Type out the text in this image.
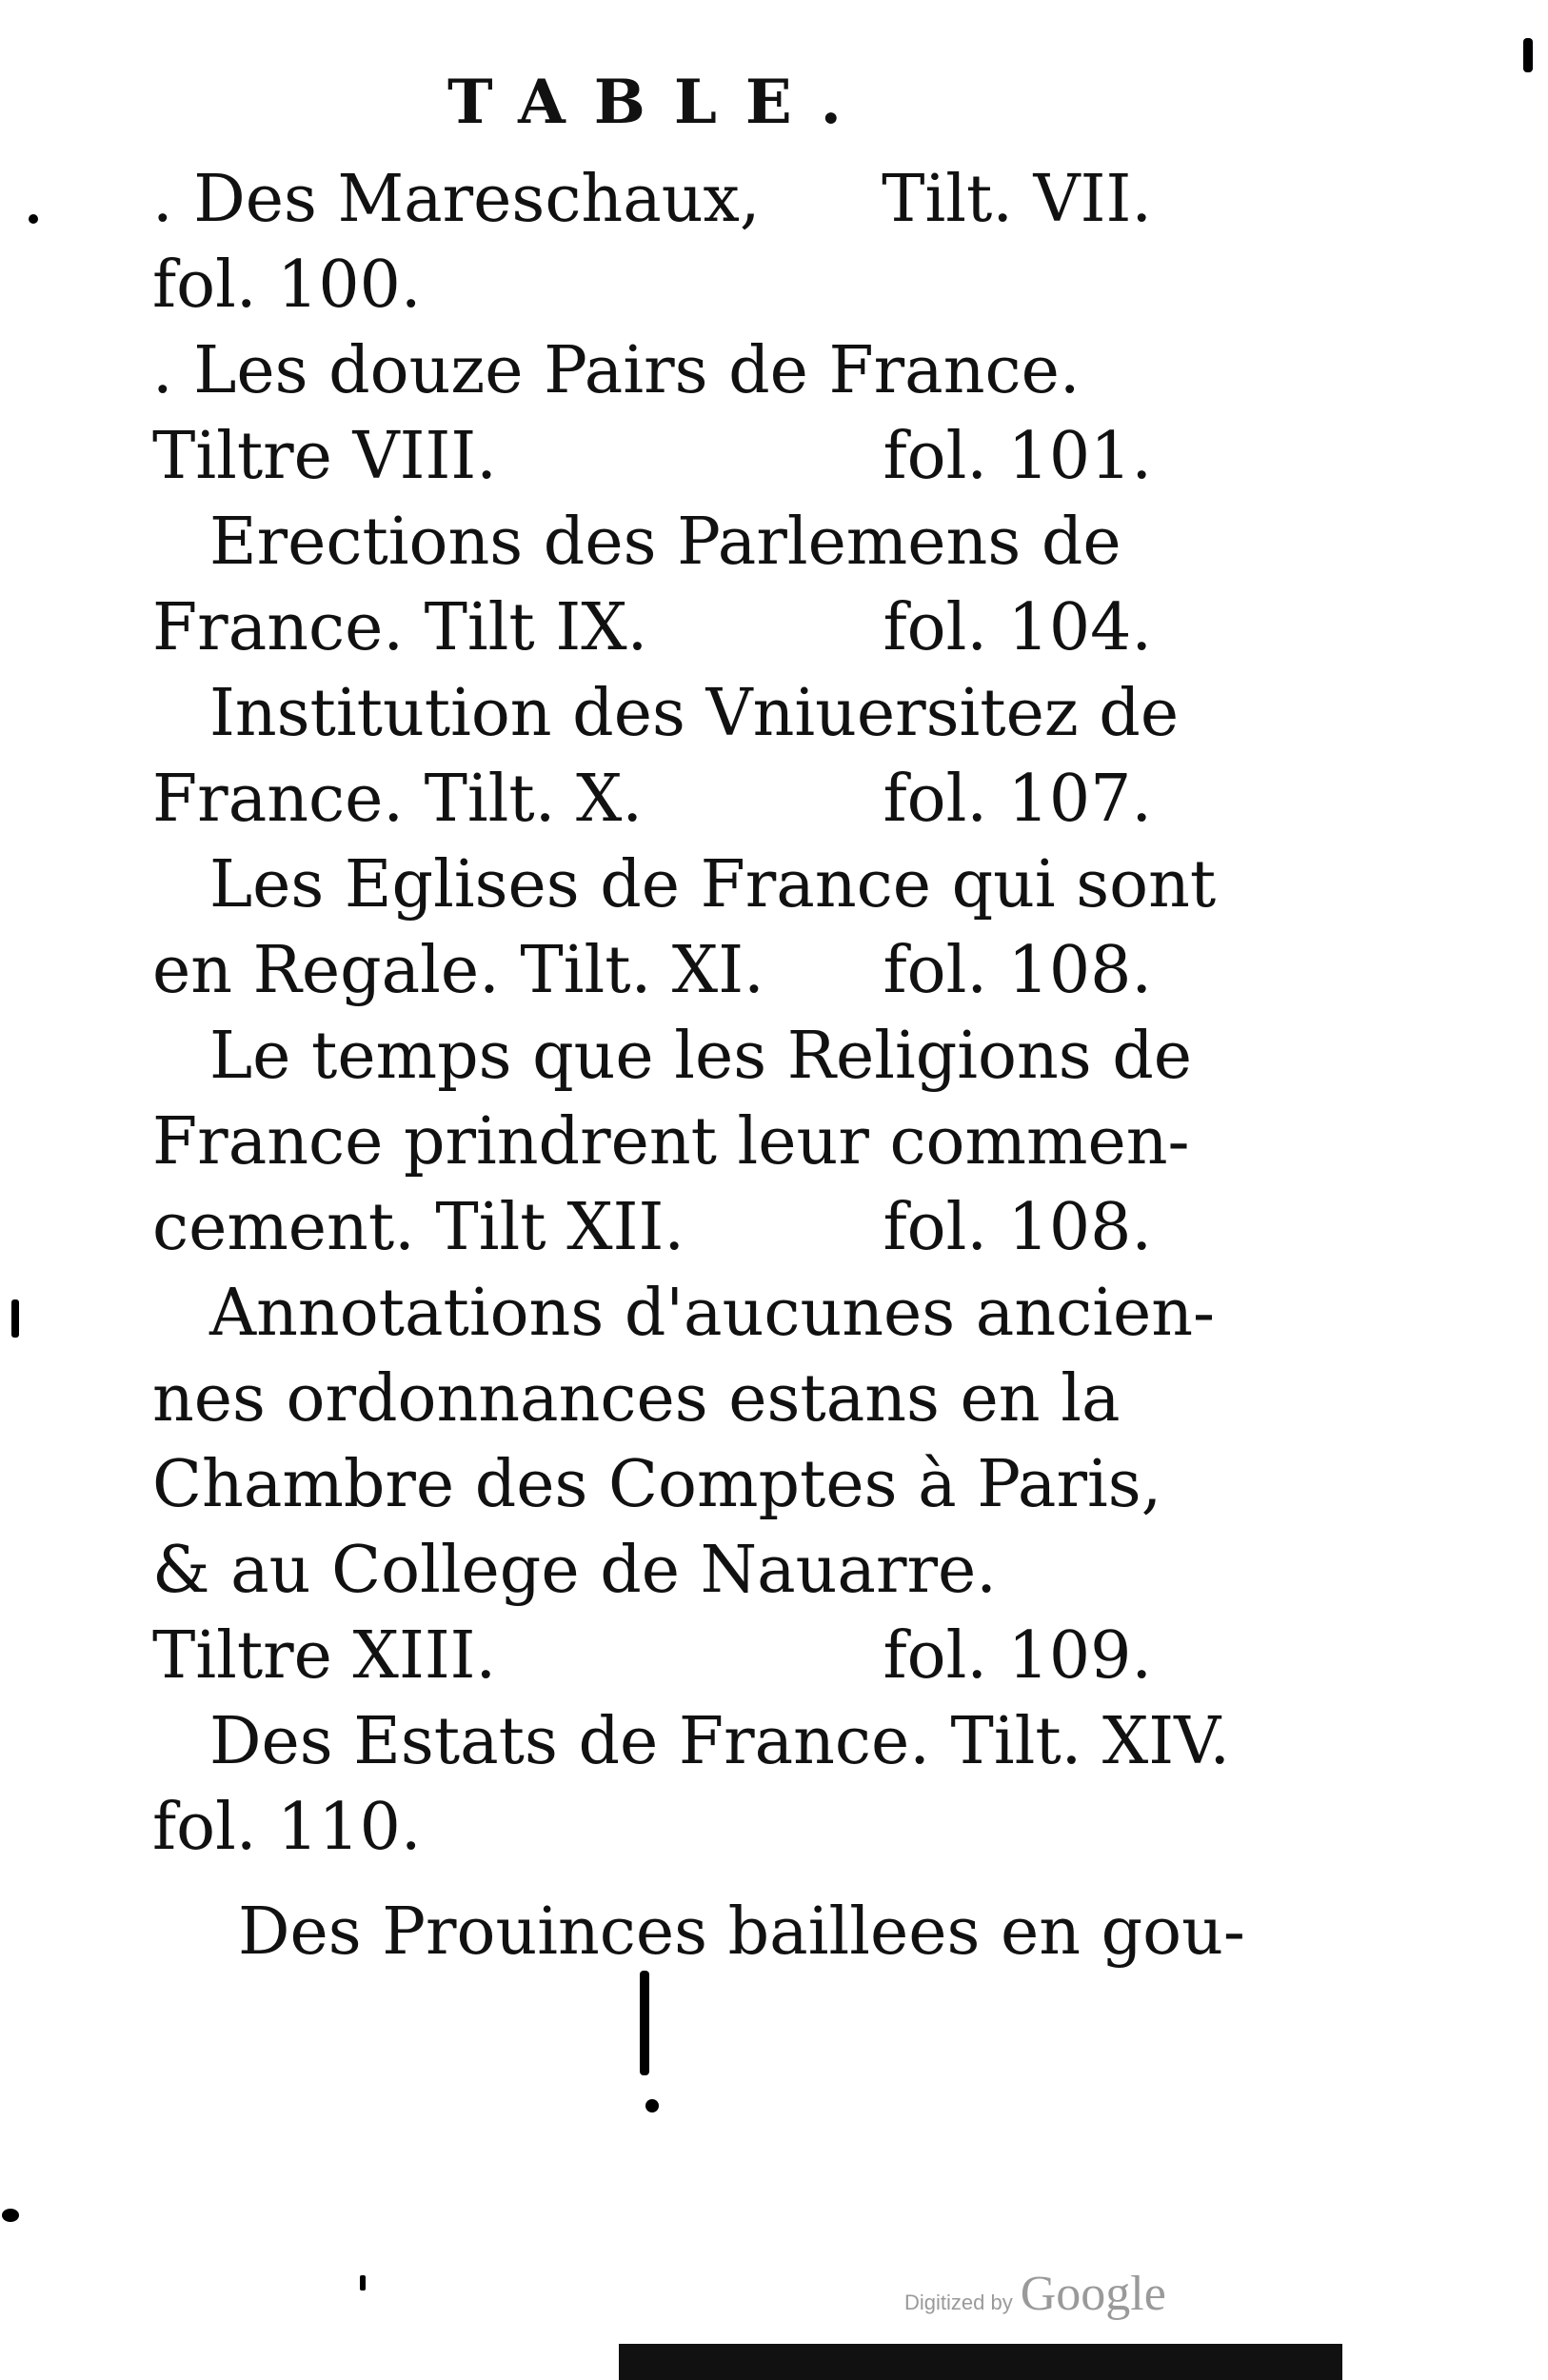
TABLE.
. Des Mareschaux, Tilt. VII.
fol. 100.
. Les douze Pairs de France.
Tiltre VIII.	fol. 101.
Erections des Parlemens de
France. Tilt IX.	fol. 104.
Institution des Vniuersitez de
France. Tilt. X.	fol. 107.
Les Eglises de France qui sont
en Regale. Tilt. XI. fol. 108.
Le temps que les Religions de
France prindrent leur commen-
cement. Tilt XII.	fol. 108.
Annotations d'aucunes ancien-
nes ordonnances estans en la
Chambre des Comptes à Paris,
& au College de Nauarre.
Tiltre XIII.	fol. 109.
Des Estats de France. Tilt. XIV.
fol. 110.
Des Prouinces baillees en gou-
Digitized by Google
